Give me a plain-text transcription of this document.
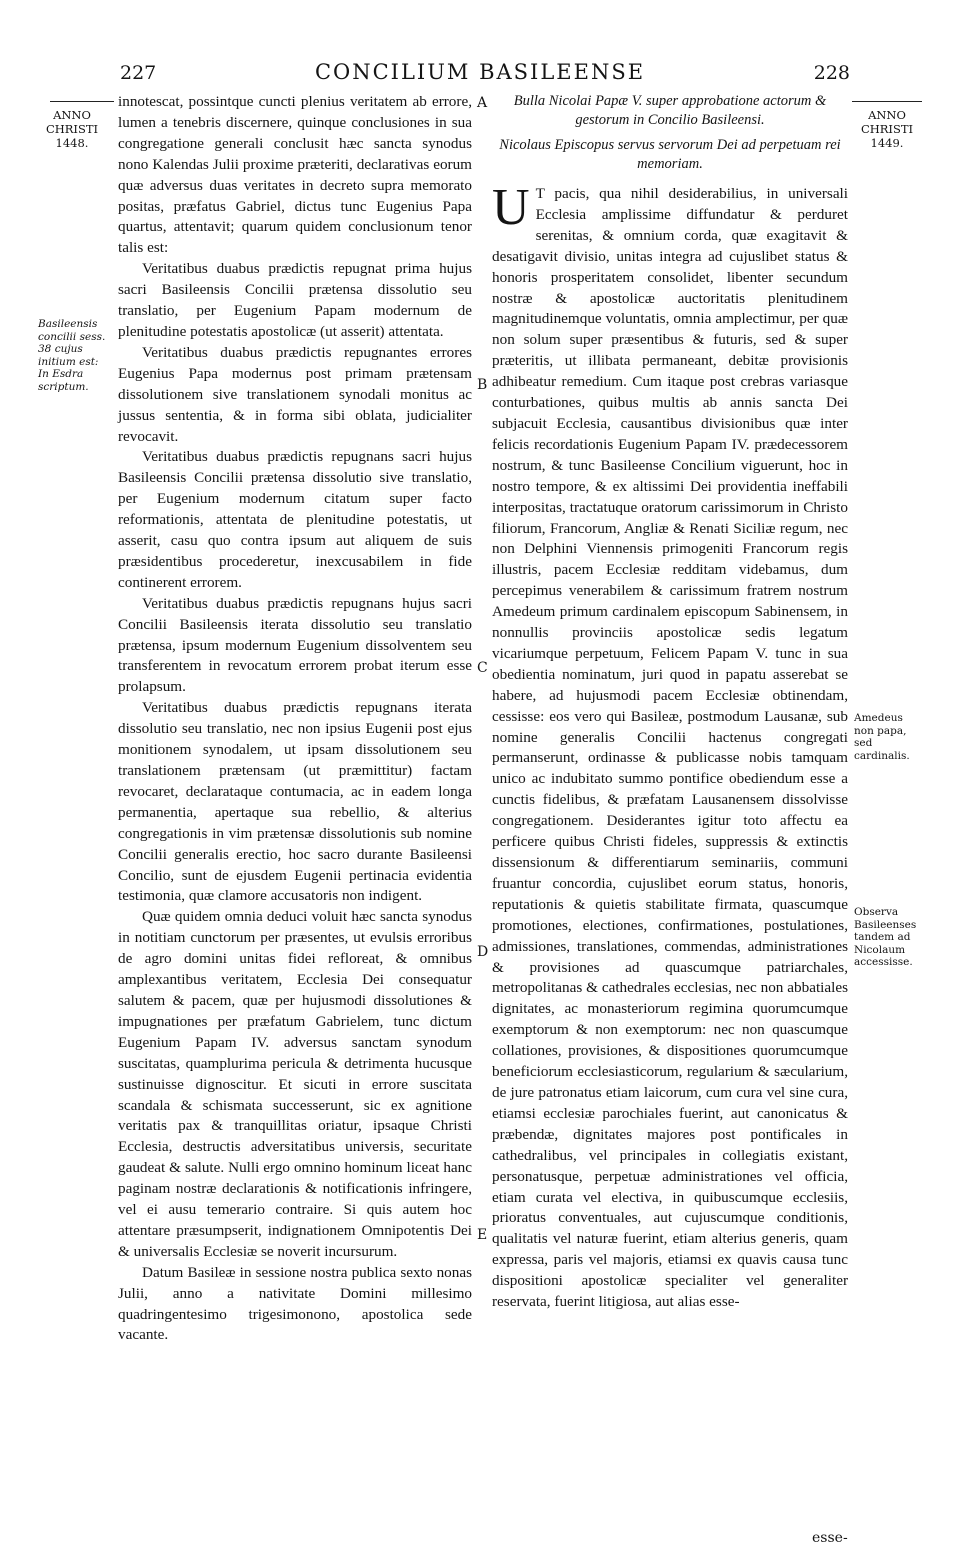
227	CONCILIUM BASILEENSE	228
ANNO
CHRISTI
1448.
Basileensis concilii sess. 38 cujus initium est: In Esdra scriptum.
ANNO
CHRISTI
1449.
Amedeus non papa, sed cardinalis.
Observa Basileenses tandem ad Nicolaum accessisse.
A
B
C
D
E

innotescat, possintque cuncti plenius veritatem ab errore, lumen a tenebris discernere, quinque conclusiones in sua congregatione generali conclusit hæc sancta synodus nono Kalendas Julii proxime præteriti, declarativas eorum quæ adversus duas veritates in decreto supra memorato positas, præfatus Gabriel, dictus tunc Eugenius Papa quartus, attentavit; quarum quidem conclusionum tenor talis est:

Veritatibus duabus prædictis repugnat prima hujus sacri Basileensis Concilii prætensa dissolutio seu translatio, per Eugenium Papam modernum de plenitudine potestatis apostolicæ (ut asserit) attentata.

Veritatibus duabus prædictis repugnantes errores Eugenius Papa modernus post primam prætensam dissolutionem sive translationem synodali monitus ac jussus sententia, & in forma sibi oblata, judicialiter revocavit.

Veritatibus duabus prædictis repugnans sacri hujus Basileensis Concilii prætensa dissolutio sive translatio, per Eugenium modernum citatum super facto reformationis, attentata de plenitudine potestatis, ut asserit, casu quo contra ipsum aut aliquem de suis præsidentibus procederetur, inexcusabilem in fide continerent errorem.

Veritatibus duabus prædictis repugnans hujus sacri Concilii Basileensis iterata dissolutio seu translatio prætensa, ipsum modernum Eugenium dissolventem seu transferentem in revocatum errorem probat iterum esse prolapsum.

Veritatibus duabus prædictis repugnans iterata dissolutio seu translatio, nec non ipsius Eugenii post ejus monitionem synodalem, ut ipsam dissolutionem seu translationem prætensam (ut præmittitur) factam revocaret, declarataque contumacia, ac in eadem longa permanentia, apertaque sua rebellio, & alterius congregationis in vim prætensæ dissolutionis sub nomine Concilii generalis erectio, hoc sacro durante Basileensi Concilio, sunt de ejusdem Eugenii pertinacia evidentia testimonia, quæ clamore accusatoris non indigent.

Quæ quidem omnia deduci voluit hæc sancta synodus in notitiam cunctorum per præsentes, ut evulsis erroribus de agro domini unitas fidei refloreat, & omnibus amplexantibus veritatem, Ecclesia Dei consequatur salutem & pacem, quæ per hujusmodi dissolutiones & impugnationes per præfatum Gabrielem, tunc dictum Eugenium Papam IV. adversus sanctam synodum suscitatas, quamplurima pericula & detrimenta hucusque sustinuisse dignoscitur. Et sicuti in errore suscitata scandala & schismata successerunt, sic ex agnitione veritatis pax & tranquillitas oriatur, ipsaque Christi Ecclesia, destructis adversitatibus universis, securitate gaudeat & salute. Nulli ergo omnino hominum liceat hanc paginam nostræ declarationis & notificationis infringere, vel ei ausu temerario contraire. Si quis autem hoc attentare præsumpserit, indignationem Omnipotentis Dei & universalis Ecclesiæ se noverit incursurum.

Datum Basileæ in sessione nostra publica sexto nonas Julii, anno a nativitate Domini millesimo quadringentesimo trigesimonono, apostolica sede vacante.

Bulla Nicolai Papæ V. super approbatione actorum & gestorum in Concilio Basileensi.

Nicolaus Episcopus servus servorum Dei ad perpetuam rei memoriam.

U T pacis, qua nihil desiderabilius, in universali Ecclesia amplissime diffundatur & perduret serenitas, & omnium corda, quæ exagitavit & desatigavit divisio, unitas integra ad cujuslibet status & honoris prosperitatem consolidet, libenter secundum nostræ & apostolicæ auctoritatis plenitudinem magnitudinemque voluntatis, omnia amplectimur, per quæ non solum super præsentibus & futuris, sed & super præteritis, ut illibata permaneant, debitæ provisionis adhibeatur remedium. Cum itaque post crebras variasque conturbationes, quibus multis ab annis sancta Dei subjacuit Ecclesia, causantibus divisionibus quæ inter felicis recordationis Eugenium Papam IV. prædecessorem nostrum, & tunc Basileense Concilium viguerunt, hoc in nostro tempore, & ex altissimi Dei providentia ineffabili interpositas, tractatuque oratorum carissimorum in Christo filiorum, Francorum, Angliæ & Renati Siciliæ regum, nec non Delphini Viennensis primogeniti Francorum regis illustris, pacem Ecclesiæ redditam videbamus, dum percepimus venerabilem & carissimum fratrem nostrum Amedeum primum cardinalem episcopum Sabinensem, in nonnullis provinciis apostolicæ sedis legatum vicariumque perpetuum, Felicem Papam V. tunc in sua obedientia nominatum, juri quod in papatu asserebat se habere, ad hujusmodi pacem Ecclesiæ obtinendam, cessisse: eos vero qui Basileæ, postmodum Lausanæ, sub nomine generalis Concilii hactenus congregati permanserunt, ordinasse & publicasse nobis tamquam unico ac indubitato summo pontifice obediendum esse a cunctis fidelibus, & præfatam Lausanensem dissolvisse congregationem. Desiderantes igitur toto affectu ea perficere quibus Christi fideles, suppressis & extinctis dissensionum & differentiarum seminariis, communi fruantur concordia, cujuslibet eorum status, honoris, reputationis & quietis stabilitate firmata, quascumque promotiones, electiones, confirmationes, postulationes, admissiones, translationes, commendas, administrationes & provisiones ad quascumque patriarchales, metropolitanas & cathedrales ecclesias, nec non abbatiales dignitates, ac monasteriorum regimina quorumcumque exemptorum & non exemptorum: nec non quascumque collationes, provisiones, & dispositiones quorumcumque beneficiorum ecclesiasticorum, regularium & sæcularium, de jure patronatus etiam laicorum, cum cura vel sine cura, etiamsi ecclesiæ parochiales fuerint, aut canonicatus & præbendæ, dignitates majores post pontificales in cathedralibus, vel principales in collegiatis existant, personatusque, perpetuæ administrationes vel officia, etiam curata vel electiva, in quibuscumque ecclesiis, prioratus conventuales, aut cujuscumque conditionis, qualitatis vel naturæ fuerint, etiam alterius generis, quam expressa, paris vel majoris, etiamsi ex quavis causa tunc dispositioni apostolicæ specialiter vel generaliter reservata, fuerint litigiosa, aut alias esse-

esse-
